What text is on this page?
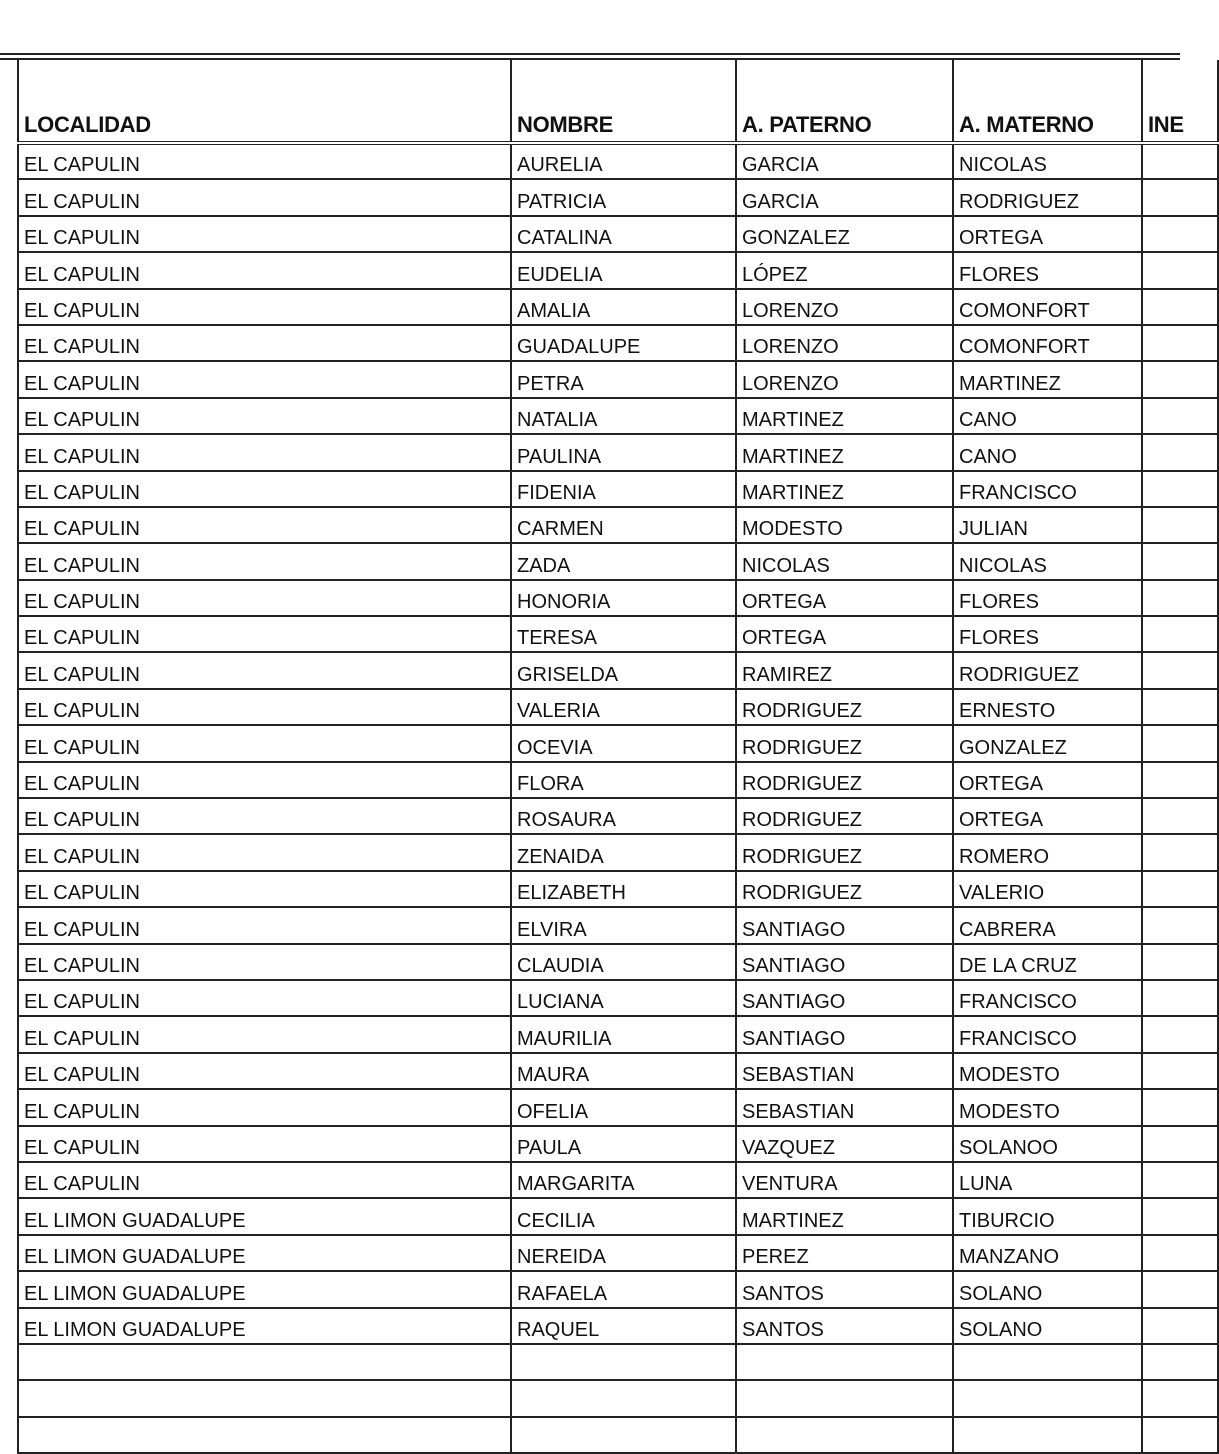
LOCALIDAD	NOMBRE	A. PATERNO	A. MATERNO	INE
EL CAPULIN	AURELIA	GARCIA	NICOLAS	
EL CAPULIN	PATRICIA	GARCIA	RODRIGUEZ	
EL CAPULIN	CATALINA	GONZALEZ	ORTEGA	
EL CAPULIN	EUDELIA	LÓPEZ	FLORES	
EL CAPULIN	AMALIA	LORENZO	COMONFORT	
EL CAPULIN	GUADALUPE	LORENZO	COMONFORT	
EL CAPULIN	PETRA	LORENZO	MARTINEZ	
EL CAPULIN	NATALIA	MARTINEZ	CANO	
EL CAPULIN	PAULINA	MARTINEZ	CANO	
EL CAPULIN	FIDENIA	MARTINEZ	FRANCISCO	
EL CAPULIN	CARMEN	MODESTO	JULIAN	
EL CAPULIN	ZADA	NICOLAS	NICOLAS	
EL CAPULIN	HONORIA	ORTEGA	FLORES	
EL CAPULIN	TERESA	ORTEGA	FLORES	
EL CAPULIN	GRISELDA	RAMIREZ	RODRIGUEZ	
EL CAPULIN	VALERIA	RODRIGUEZ	ERNESTO	
EL CAPULIN	OCEVIA	RODRIGUEZ	GONZALEZ	
EL CAPULIN	FLORA	RODRIGUEZ	ORTEGA	
EL CAPULIN	ROSAURA	RODRIGUEZ	ORTEGA	
EL CAPULIN	ZENAIDA	RODRIGUEZ	ROMERO	
EL CAPULIN	ELIZABETH	RODRIGUEZ	VALERIO	
EL CAPULIN	ELVIRA	SANTIAGO	CABRERA	
EL CAPULIN	CLAUDIA	SANTIAGO	DE LA CRUZ	
EL CAPULIN	LUCIANA	SANTIAGO	FRANCISCO	
EL CAPULIN	MAURILIA	SANTIAGO	FRANCISCO	
EL CAPULIN	MAURA	SEBASTIAN	MODESTO	
EL CAPULIN	OFELIA	SEBASTIAN	MODESTO	
EL CAPULIN	PAULA	VAZQUEZ	SOLANOO	
EL CAPULIN	MARGARITA	VENTURA	LUNA	
EL LIMON GUADALUPE	CECILIA	MARTINEZ	TIBURCIO	
EL LIMON GUADALUPE	NEREIDA	PEREZ	MANZANO	
EL LIMON GUADALUPE	RAFAELA	SANTOS	SOLANO	
EL LIMON GUADALUPE	RAQUEL	SANTOS	SOLANO	
